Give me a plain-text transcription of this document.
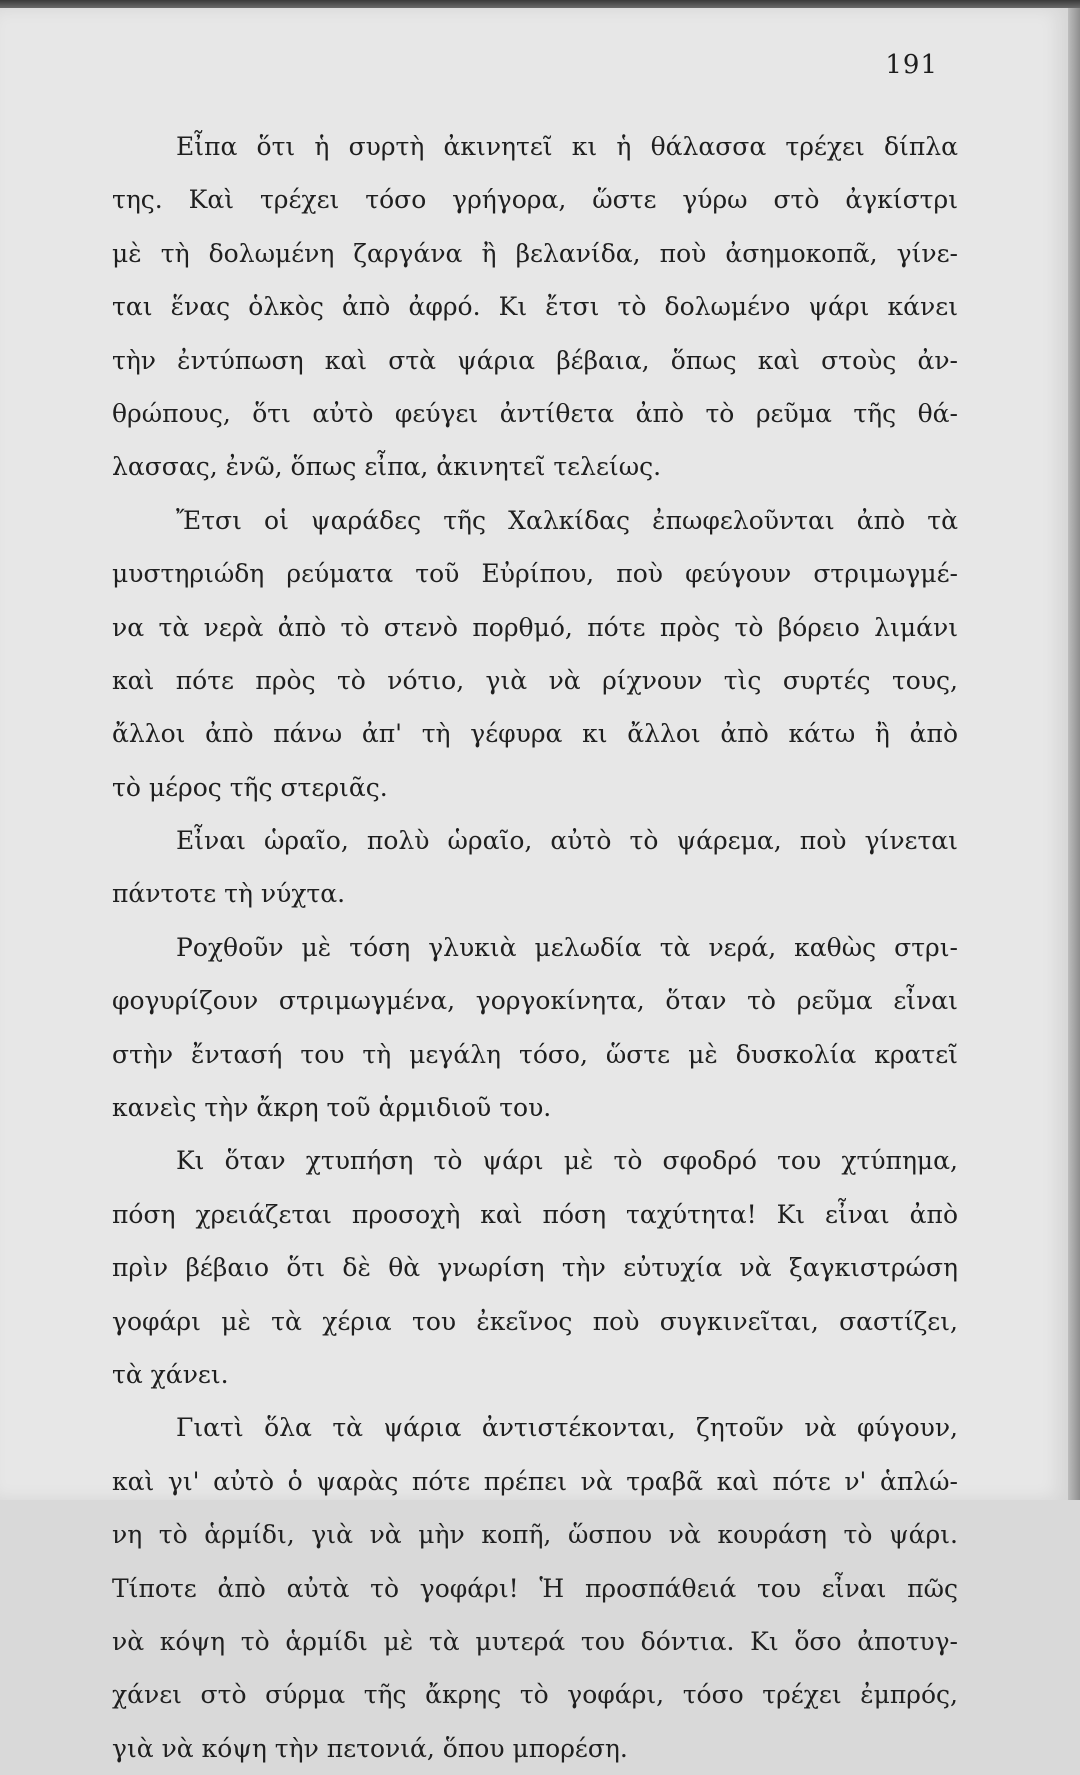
191
Εἶπα ὅτι ἡ συρτὴ ἀκινητεῖ κι ἡ θάλασσα τρέχει δίπλα
της. Καὶ τρέχει τόσο γρήγορα, ὥστε γύρω στὸ ἀγκίστρι
μὲ τὴ δολωμένη ζαργάνα ἢ βελανίδα, ποὺ ἀσημοκοπᾶ, γίνε-
ται ἕνας ὁλκὸς ἀπὸ ἀφρό. Κι ἔτσι τὸ δολωμένο ψάρι κάνει
τὴν ἐντύπωση καὶ στὰ ψάρια βέβαια, ὅπως καὶ στοὺς ἀν-
θρώπους, ὅτι αὐτὸ φεύγει ἀντίθετα ἀπὸ τὸ ρεῦμα τῆς θά-
λασσας, ἐνῶ, ὅπως εἶπα, ἀκινητεῖ τελείως.
Ἔτσι οἱ ψαράδες τῆς Χαλκίδας ἐπωφελοῦνται ἀπὸ τὰ
μυστηριώδη ρεύματα τοῦ Εὐρίπου, ποὺ φεύγουν στριμωγμέ-
να τὰ νερὰ ἀπὸ τὸ στενὸ πορθμό, πότε πρὸς τὸ βόρειο λιμάνι
καὶ πότε πρὸς τὸ νότιο, γιὰ νὰ ρίχνουν τὶς συρτές τους,
ἄλλοι ἀπὸ πάνω ἀπ' τὴ γέφυρα κι ἄλλοι ἀπὸ κάτω ἢ ἀπὸ
τὸ μέρος τῆς στεριᾶς.
Εἶναι ὡραῖο, πολὺ ὡραῖο, αὐτὸ τὸ ψάρεμα, ποὺ γίνεται
πάντοτε τὴ νύχτα.
Ροχθοῦν μὲ τόση γλυκιὰ μελωδία τὰ νερά, καθὼς στρι-
φογυρίζουν στριμωγμένα, γοργοκίνητα, ὅταν τὸ ρεῦμα εἶναι
στὴν ἔντασή του τὴ μεγάλη τόσο, ὥστε μὲ δυσκολία κρατεῖ
κανεὶς τὴν ἄκρη τοῦ ἁρμιδιοῦ του.
Κι ὅταν χτυπήση τὸ ψάρι μὲ τὸ σφοδρό του χτύπημα,
πόση χρειάζεται προσοχὴ καὶ πόση ταχύτητα! Κι εἶναι ἀπὸ
πρὶν βέβαιο ὅτι δὲ θὰ γνωρίση τὴν εὐτυχία νὰ ξαγκιστρώση
γοφάρι μὲ τὰ χέρια του ἐκεῖνος ποὺ συγκινεῖται, σαστίζει,
τὰ χάνει.
Γιατὶ ὅλα τὰ ψάρια ἀντιστέκονται, ζητοῦν νὰ φύγουν,
καὶ γι' αὐτὸ ὁ ψαρὰς πότε πρέπει νὰ τραβᾶ καὶ πότε ν' ἁπλώ-
νη τὸ ἁρμίδι, γιὰ νὰ μὴν κοπῆ, ὥσπου νὰ κουράση τὸ ψάρι.
Τίποτε ἀπὸ αὐτὰ τὸ γοφάρι! Ἡ προσπάθειά του εἶναι πῶς
νὰ κόψη τὸ ἁρμίδι μὲ τὰ μυτερά του δόντια. Κι ὅσο ἀποτυγ-
χάνει στὸ σύρμα τῆς ἄκρης τὸ γοφάρι, τόσο τρέχει ἐμπρός,
γιὰ νὰ κόψη τὴν πετονιά, ὅπου μπορέση.
